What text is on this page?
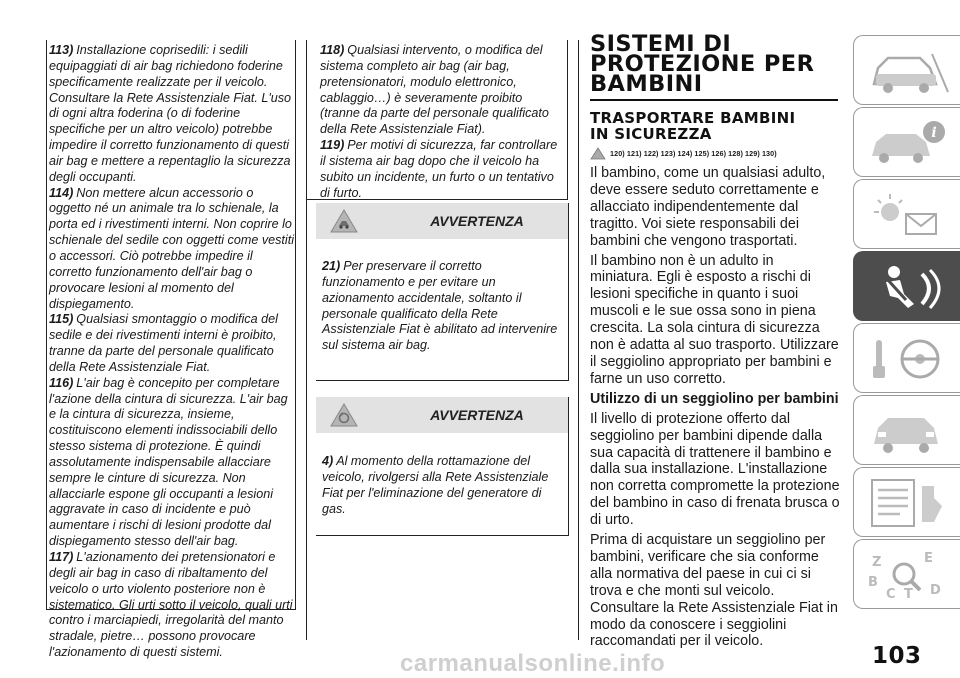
113) Installazione coprisedili: i sedili equipaggiati di air bag richiedono foderine specificamente realizzate per il veicolo. Consultare la Rete Assistenziale Fiat. L'uso di ogni altra foderina (o di foderine specifiche per un altro veicolo) potrebbe impedire il corretto funzionamento di questi air bag e mettere a repentaglio la sicurezza degli occupanti.

114) Non mettere alcun accessorio o oggetto né un animale tra lo schienale, la porta ed i rivestimenti interni. Non coprire lo schienale del sedile con oggetti come vestiti o accessori. Ciò potrebbe impedire il corretto funzionamento dell'air bag o provocare lesioni al momento del dispiegamento.

115) Qualsiasi smontaggio o modifica del sedile e dei rivestimenti interni è proibito, tranne da parte del personale qualificato della Rete Assistenziale Fiat.

116) L'air bag è concepito per completare l'azione della cintura di sicurezza. L'air bag e la cintura di sicurezza, insieme, costituiscono elementi indissociabili dello stesso sistema di protezione. È quindi assolutamente indispensabile allacciare sempre le cinture di sicurezza. Non allacciarle espone gli occupanti a lesioni aggravate in caso di incidente e può aumentare i rischi di lesioni prodotte dal dispiegamento stesso dell'air bag.

117) L'azionamento dei pretensionatori e degli air bag in caso di ribaltamento del veicolo o urto violento posteriore non è sistematico. Gli urti sotto il veicolo, quali urti contro i marciapiedi, irregolarità del manto stradale, pietre… possono provocare l'azionamento di questi sistemi.

118) Qualsiasi intervento, o modifica del sistema completo air bag (air bag, pretensionatori, modulo elettronico, cablaggio…) è severamente proibito (tranne da parte del personale qualificato della Rete Assistenziale Fiat).

119) Per motivi di sicurezza, far controllare il sistema air bag dopo che il veicolo ha subito un incidente, un furto o un tentativo di furto.

AVVERTENZA

21) Per preservare il corretto funzionamento e per evitare un azionamento accidentale, soltanto il personale qualificato della Rete Assistenziale Fiat è abilitato ad intervenire sul sistema air bag.

AVVERTENZA

4) Al momento della rottamazione del veicolo, rivolgersi alla Rete Assistenziale Fiat per l'eliminazione del generatore di gas.

SISTEMI DI
PROTEZIONE PER
BAMBINI
TRASPORTARE BAMBINI
IN SICUREZZA
120) 121) 122) 123) 124) 125) 126) 128) 129) 130)

Il bambino, come un qualsiasi adulto, deve essere seduto correttamente e allacciato indipendentemente dal tragitto. Voi siete responsabili dei bambini che vengono trasportati.

Il bambino non è un adulto in miniatura. Egli è esposto a rischi di lesioni specifiche in quanto i suoi muscoli e le sue ossa sono in piena crescita. La sola cintura di sicurezza non è adatta al suo trasporto. Utilizzare il seggiolino appropriato per bambini e farne un uso corretto.

Utilizzo di un seggiolino per bambini

Il livello di protezione offerto dal seggiolino per bambini dipende dalla sua capacità di trattenere il bambino e dalla sua installazione. L'installazione non corretta compromette la protezione del bambino in caso di frenata brusca o di urto.

Prima di acquistare un seggiolino per bambini, verificare che sia conforme alla normativa del paese in cui ci si trova e che monti sul veicolo. Consultare la Rete Assistenziale Fiat in modo da conoscere i seggiolini raccomandati per il veicolo.

i
Z	E
B
C T D
103
carmanualsonline.info
